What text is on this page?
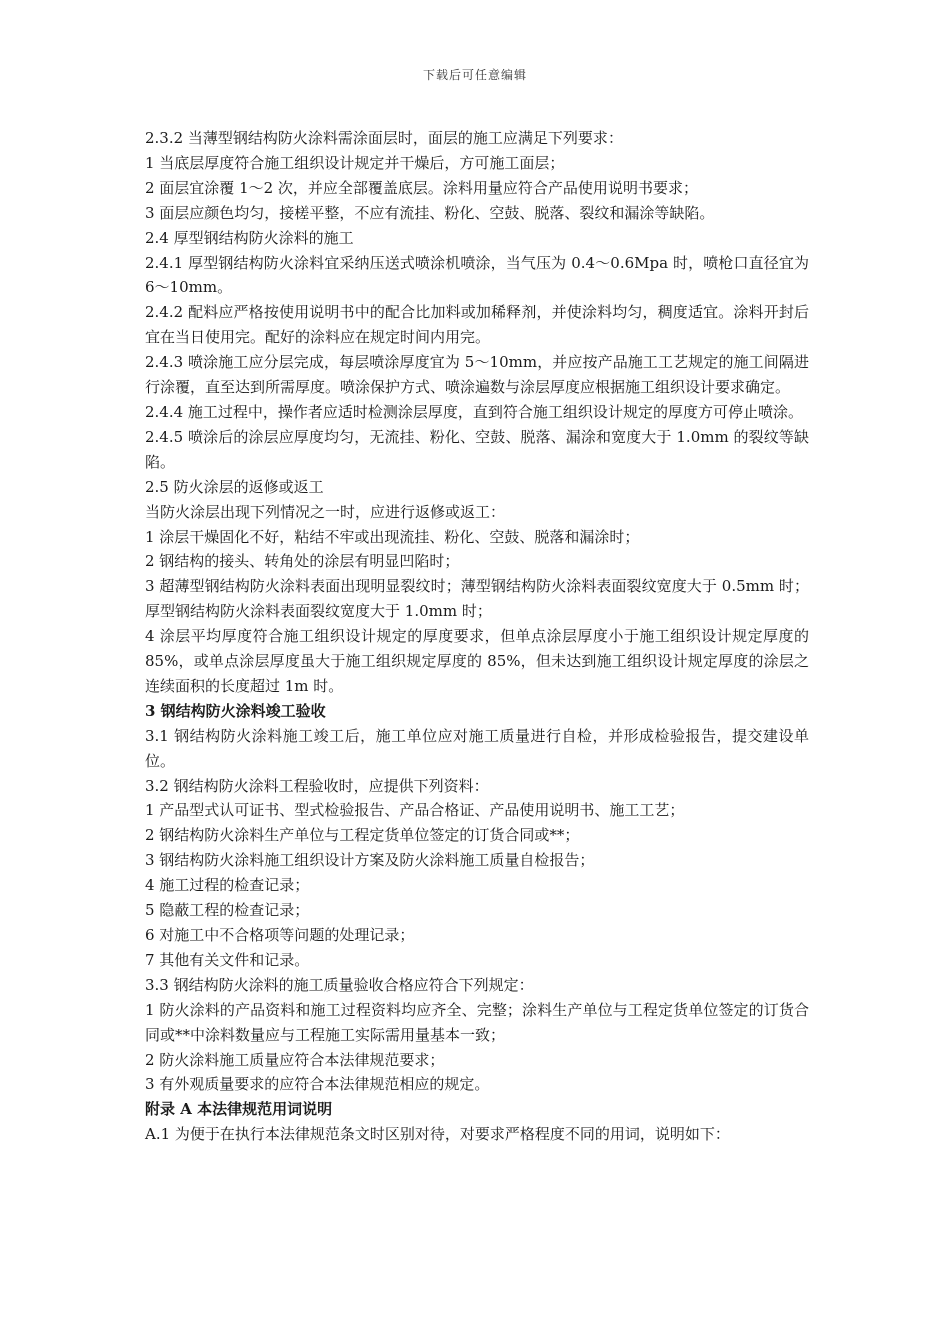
下载后可任意编辑

2.3.2 当薄型钢结构防火涂料需涂面层时，面层的施工应满足下列要求：

1 当底层厚度符合施工组织设计规定并干燥后，方可施工面层；

2 面层宜涂覆 1～2 次，并应全部覆盖底层。涂料用量应符合产品使用说明书要求；

3 面层应颜色均匀，接槎平整，不应有流挂、粉化、空鼓、脱落、裂纹和漏涂等缺陷。

2.4 厚型钢结构防火涂料的施工

2.4.1 厚型钢结构防火涂料宜采纳压送式喷涂机喷涂，当气压为 0.4～0.6Mpa 时，喷枪口直径宜为 6～10mm。

2.4.2 配料应严格按使用说明书中的配合比加料或加稀释剂，并使涂料均匀，稠度适宜。涂料开封后宜在当日使用完。配好的涂料应在规定时间内用完。

2.4.3 喷涂施工应分层完成，每层喷涂厚度宜为 5～10mm，并应按产品施工工艺规定的施工间隔进行涂覆，直至达到所需厚度。喷涂保护方式、喷涂遍数与涂层厚度应根据施工组织设计要求确定。

2.4.4 施工过程中，操作者应适时检测涂层厚度，直到符合施工组织设计规定的厚度方可停止喷涂。

2.4.5 喷涂后的涂层应厚度均匀，无流挂、粉化、空鼓、脱落、漏涂和宽度大于 1.0mm 的裂纹等缺陷。

2.5 防火涂层的返修或返工

当防火涂层出现下列情况之一时，应进行返修或返工：

1 涂层干燥固化不好，粘结不牢或出现流挂、粉化、空鼓、脱落和漏涂时；

2 钢结构的接头、转角处的涂层有明显凹陷时；

3 超薄型钢结构防火涂料表面出现明显裂纹时；薄型钢结构防火涂料表面裂纹宽度大于 0.5mm 时；厚型钢结构防火涂料表面裂纹宽度大于 1.0mm 时；

4 涂层平均厚度符合施工组织设计规定的厚度要求，但单点涂层厚度小于施工组织设计规定厚度的 85%，或单点涂层厚度虽大于施工组织规定厚度的 85%，但未达到施工组织设计规定厚度的涂层之连续面积的长度超过 1m 时。

3 钢结构防火涂料竣工验收

3.1 钢结构防火涂料施工竣工后，施工单位应对施工质量进行自检，并形成检验报告，提交建设单位。

3.2 钢结构防火涂料工程验收时，应提供下列资料：

1 产品型式认可证书、型式检验报告、产品合格证、产品使用说明书、施工工艺；

2 钢结构防火涂料生产单位与工程定货单位签定的订货合同或**；

3 钢结构防火涂料施工组织设计方案及防火涂料施工质量自检报告；

4 施工过程的检查记录；

5 隐蔽工程的检查记录；

6 对施工中不合格项等问题的处理记录；

7 其他有关文件和记录。

3.3 钢结构防火涂料的施工质量验收合格应符合下列规定：

1 防火涂料的产品资料和施工过程资料均应齐全、完整；涂料生产单位与工程定货单位签定的订货合同或**中涂料数量应与工程施工实际需用量基本一致；

2 防火涂料施工质量应符合本法律规范要求；

3 有外观质量要求的应符合本法律规范相应的规定。

附录 A 本法律规范用词说明

A.1 为便于在执行本法律规范条文时区别对待，对要求严格程度不同的用词，说明如下：
